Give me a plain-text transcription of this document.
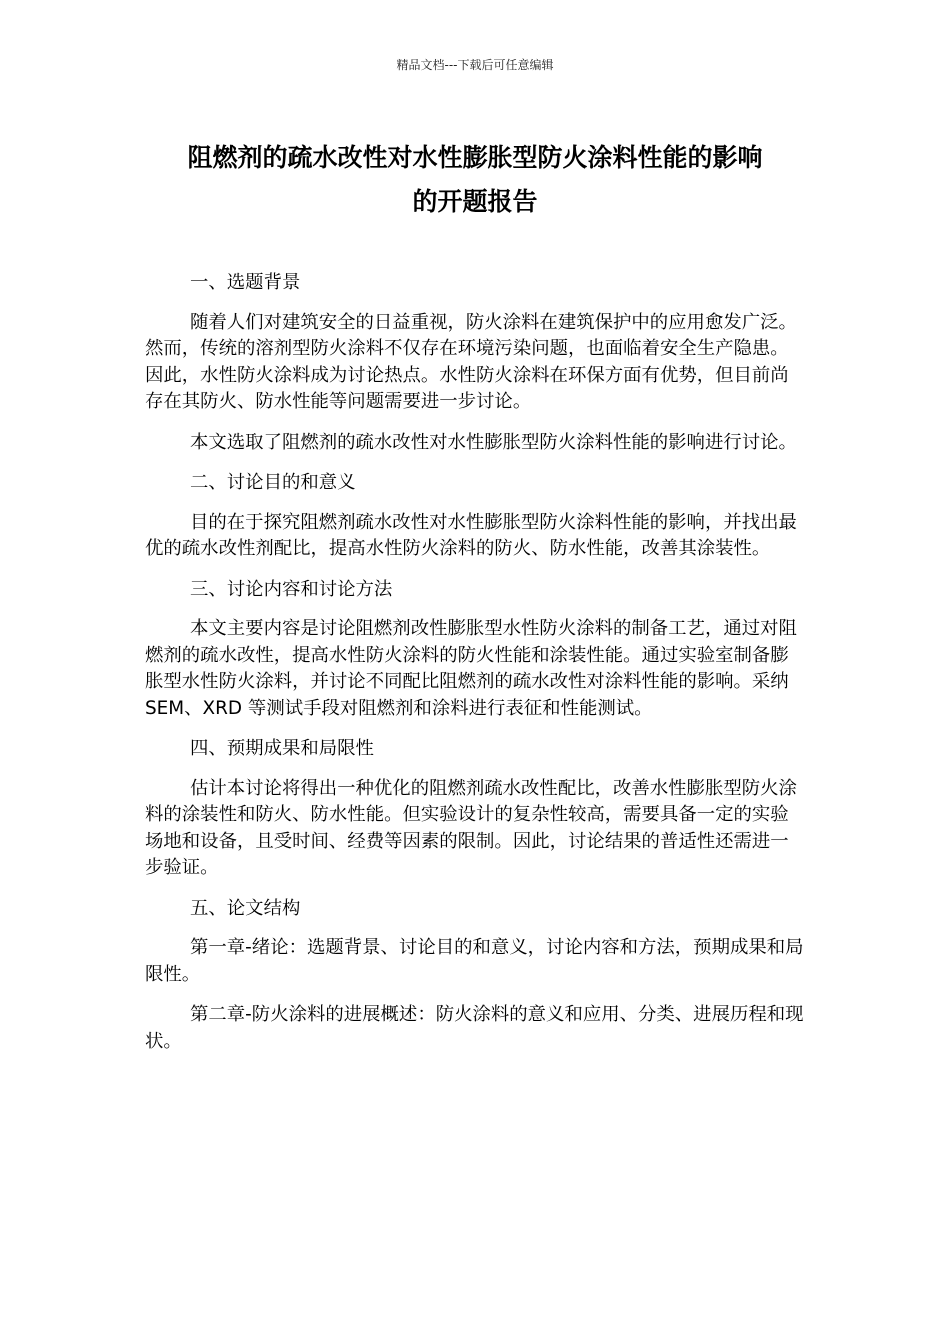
精品文档---下载后可任意编辑
阻燃剂的疏水改性对水性膨胀型防火涂料性能的影响
的开题报告

一、选题背景

随着人们对建筑安全的日益重视，防火涂料在建筑保护中的应用愈发广泛。然而，传统的溶剂型防火涂料不仅存在环境污染问题，也面临着安全生产隐患。因此，水性防火涂料成为讨论热点。水性防火涂料在环保方面有优势，但目前尚存在其防火、防水性能等问题需要进一步讨论。

本文选取了阻燃剂的疏水改性对水性膨胀型防火涂料性能的影响进行讨论。

二、讨论目的和意义

目的在于探究阻燃剂疏水改性对水性膨胀型防火涂料性能的影响，并找出最优的疏水改性剂配比，提高水性防火涂料的防火、防水性能，改善其涂装性。

三、讨论内容和讨论方法

本文主要内容是讨论阻燃剂改性膨胀型水性防火涂料的制备工艺，通过对阻燃剂的疏水改性，提高水性防火涂料的防火性能和涂装性能。通过实验室制备膨胀型水性防火涂料，并讨论不同配比阻燃剂的疏水改性对涂料性能的影响。采纳 SEM、XRD 等测试手段对阻燃剂和涂料进行表征和性能测试。

四、预期成果和局限性

估计本讨论将得出一种优化的阻燃剂疏水改性配比，改善水性膨胀型防火涂料的涂装性和防火、防水性能。但实验设计的复杂性较高，需要具备一定的实验场地和设备，且受时间、经费等因素的限制。因此，讨论结果的普适性还需进一步验证。

五、论文结构

第一章-绪论：选题背景、讨论目的和意义，讨论内容和方法，预期成果和局限性。

第二章-防火涂料的进展概述：防火涂料的意义和应用、分类、进展历程和现状。
